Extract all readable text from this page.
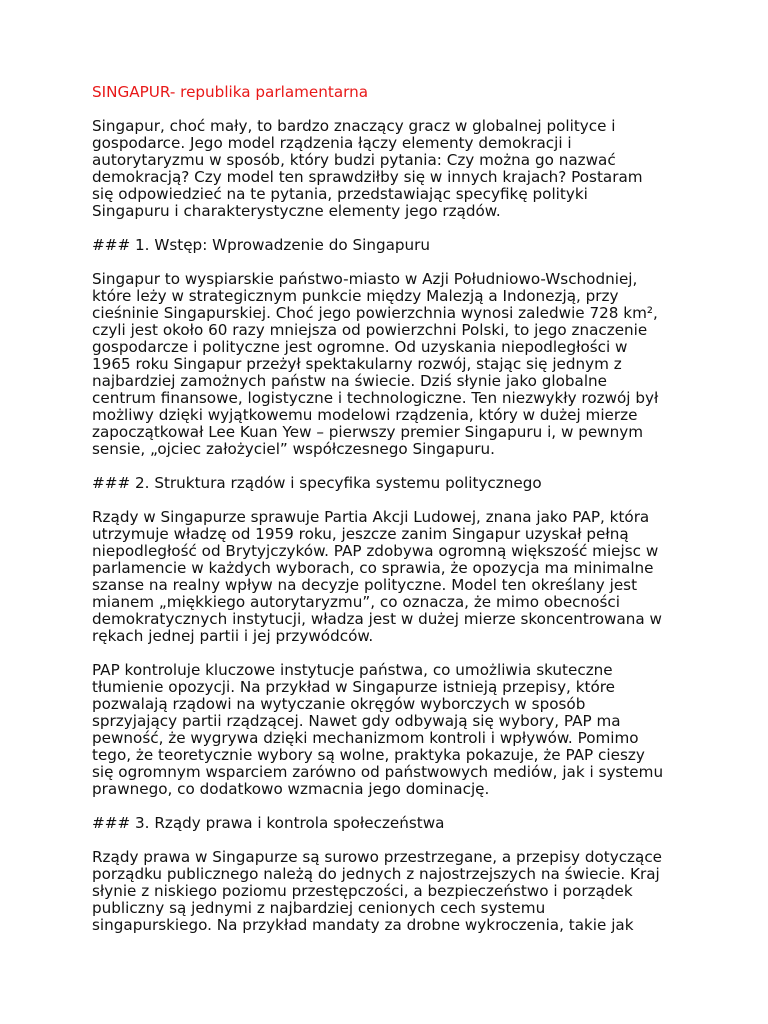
SINGAPUR- republika parlamentarna
Singapur, choć mały, to bardzo znaczący gracz w globalnej polityce i
gospodarce. Jego model rządzenia łączy elementy demokracji i
autorytaryzmu w sposób, który budzi pytania: Czy można go nazwać
demokracją? Czy model ten sprawdziłby się w innych krajach? Postaram
się odpowiedzieć na te pytania, przedstawiając specyfikę polityki
Singapuru i charakterystyczne elementy jego rządów.
### 1. Wstęp: Wprowadzenie do Singapuru
Singapur to wyspiarskie państwo-miasto w Azji Południowo-Wschodniej,
które leży w strategicznym punkcie między Malezją a Indonezją, przy
cieśninie Singapurskiej. Choć jego powierzchnia wynosi zaledwie 728 km²,
czyli jest około 60 razy mniejsza od powierzchni Polski, to jego znaczenie
gospodarcze i polityczne jest ogromne. Od uzyskania niepodległości w
1965 roku Singapur przeżył spektakularny rozwój, stając się jednym z
najbardziej zamożnych państw na świecie. Dziś słynie jako globalne
centrum finansowe, logistyczne i technologiczne. Ten niezwykły rozwój był
możliwy dzięki wyjątkowemu modelowi rządzenia, który w dużej mierze
zapoczątkował Lee Kuan Yew – pierwszy premier Singapuru i, w pewnym
sensie, „ojciec założyciel” współczesnego Singapuru.
### 2. Struktura rządów i specyfika systemu politycznego
Rządy w Singapurze sprawuje Partia Akcji Ludowej, znana jako PAP, która
utrzymuje władzę od 1959 roku, jeszcze zanim Singapur uzyskał pełną
niepodległość od Brytyjczyków. PAP zdobywa ogromną większość miejsc w
parlamencie w każdych wyborach, co sprawia, że opozycja ma minimalne
szanse na realny wpływ na decyzje polityczne. Model ten określany jest
mianem „miękkiego autorytaryzmu”, co oznacza, że mimo obecności
demokratycznych instytucji, władza jest w dużej mierze skoncentrowana w
rękach jednej partii i jej przywódców.
PAP kontroluje kluczowe instytucje państwa, co umożliwia skuteczne
tłumienie opozycji. Na przykład w Singapurze istnieją przepisy, które
pozwalają rządowi na wytyczanie okręgów wyborczych w sposób
sprzyjający partii rządzącej. Nawet gdy odbywają się wybory, PAP ma
pewność, że wygrywa dzięki mechanizmom kontroli i wpływów. Pomimo
tego, że teoretycznie wybory są wolne, praktyka pokazuje, że PAP cieszy
się ogromnym wsparciem zarówno od państwowych mediów, jak i systemu
prawnego, co dodatkowo wzmacnia jego dominację.
### 3. Rządy prawa i kontrola społeczeństwa
Rządy prawa w Singapurze są surowo przestrzegane, a przepisy dotyczące
porządku publicznego należą do jednych z najostrzejszych na świecie. Kraj
słynie z niskiego poziomu przestępczości, a bezpieczeństwo i porządek
publiczny są jednymi z najbardziej cenionych cech systemu
singapurskiego. Na przykład mandaty za drobne wykroczenia, takie jak
